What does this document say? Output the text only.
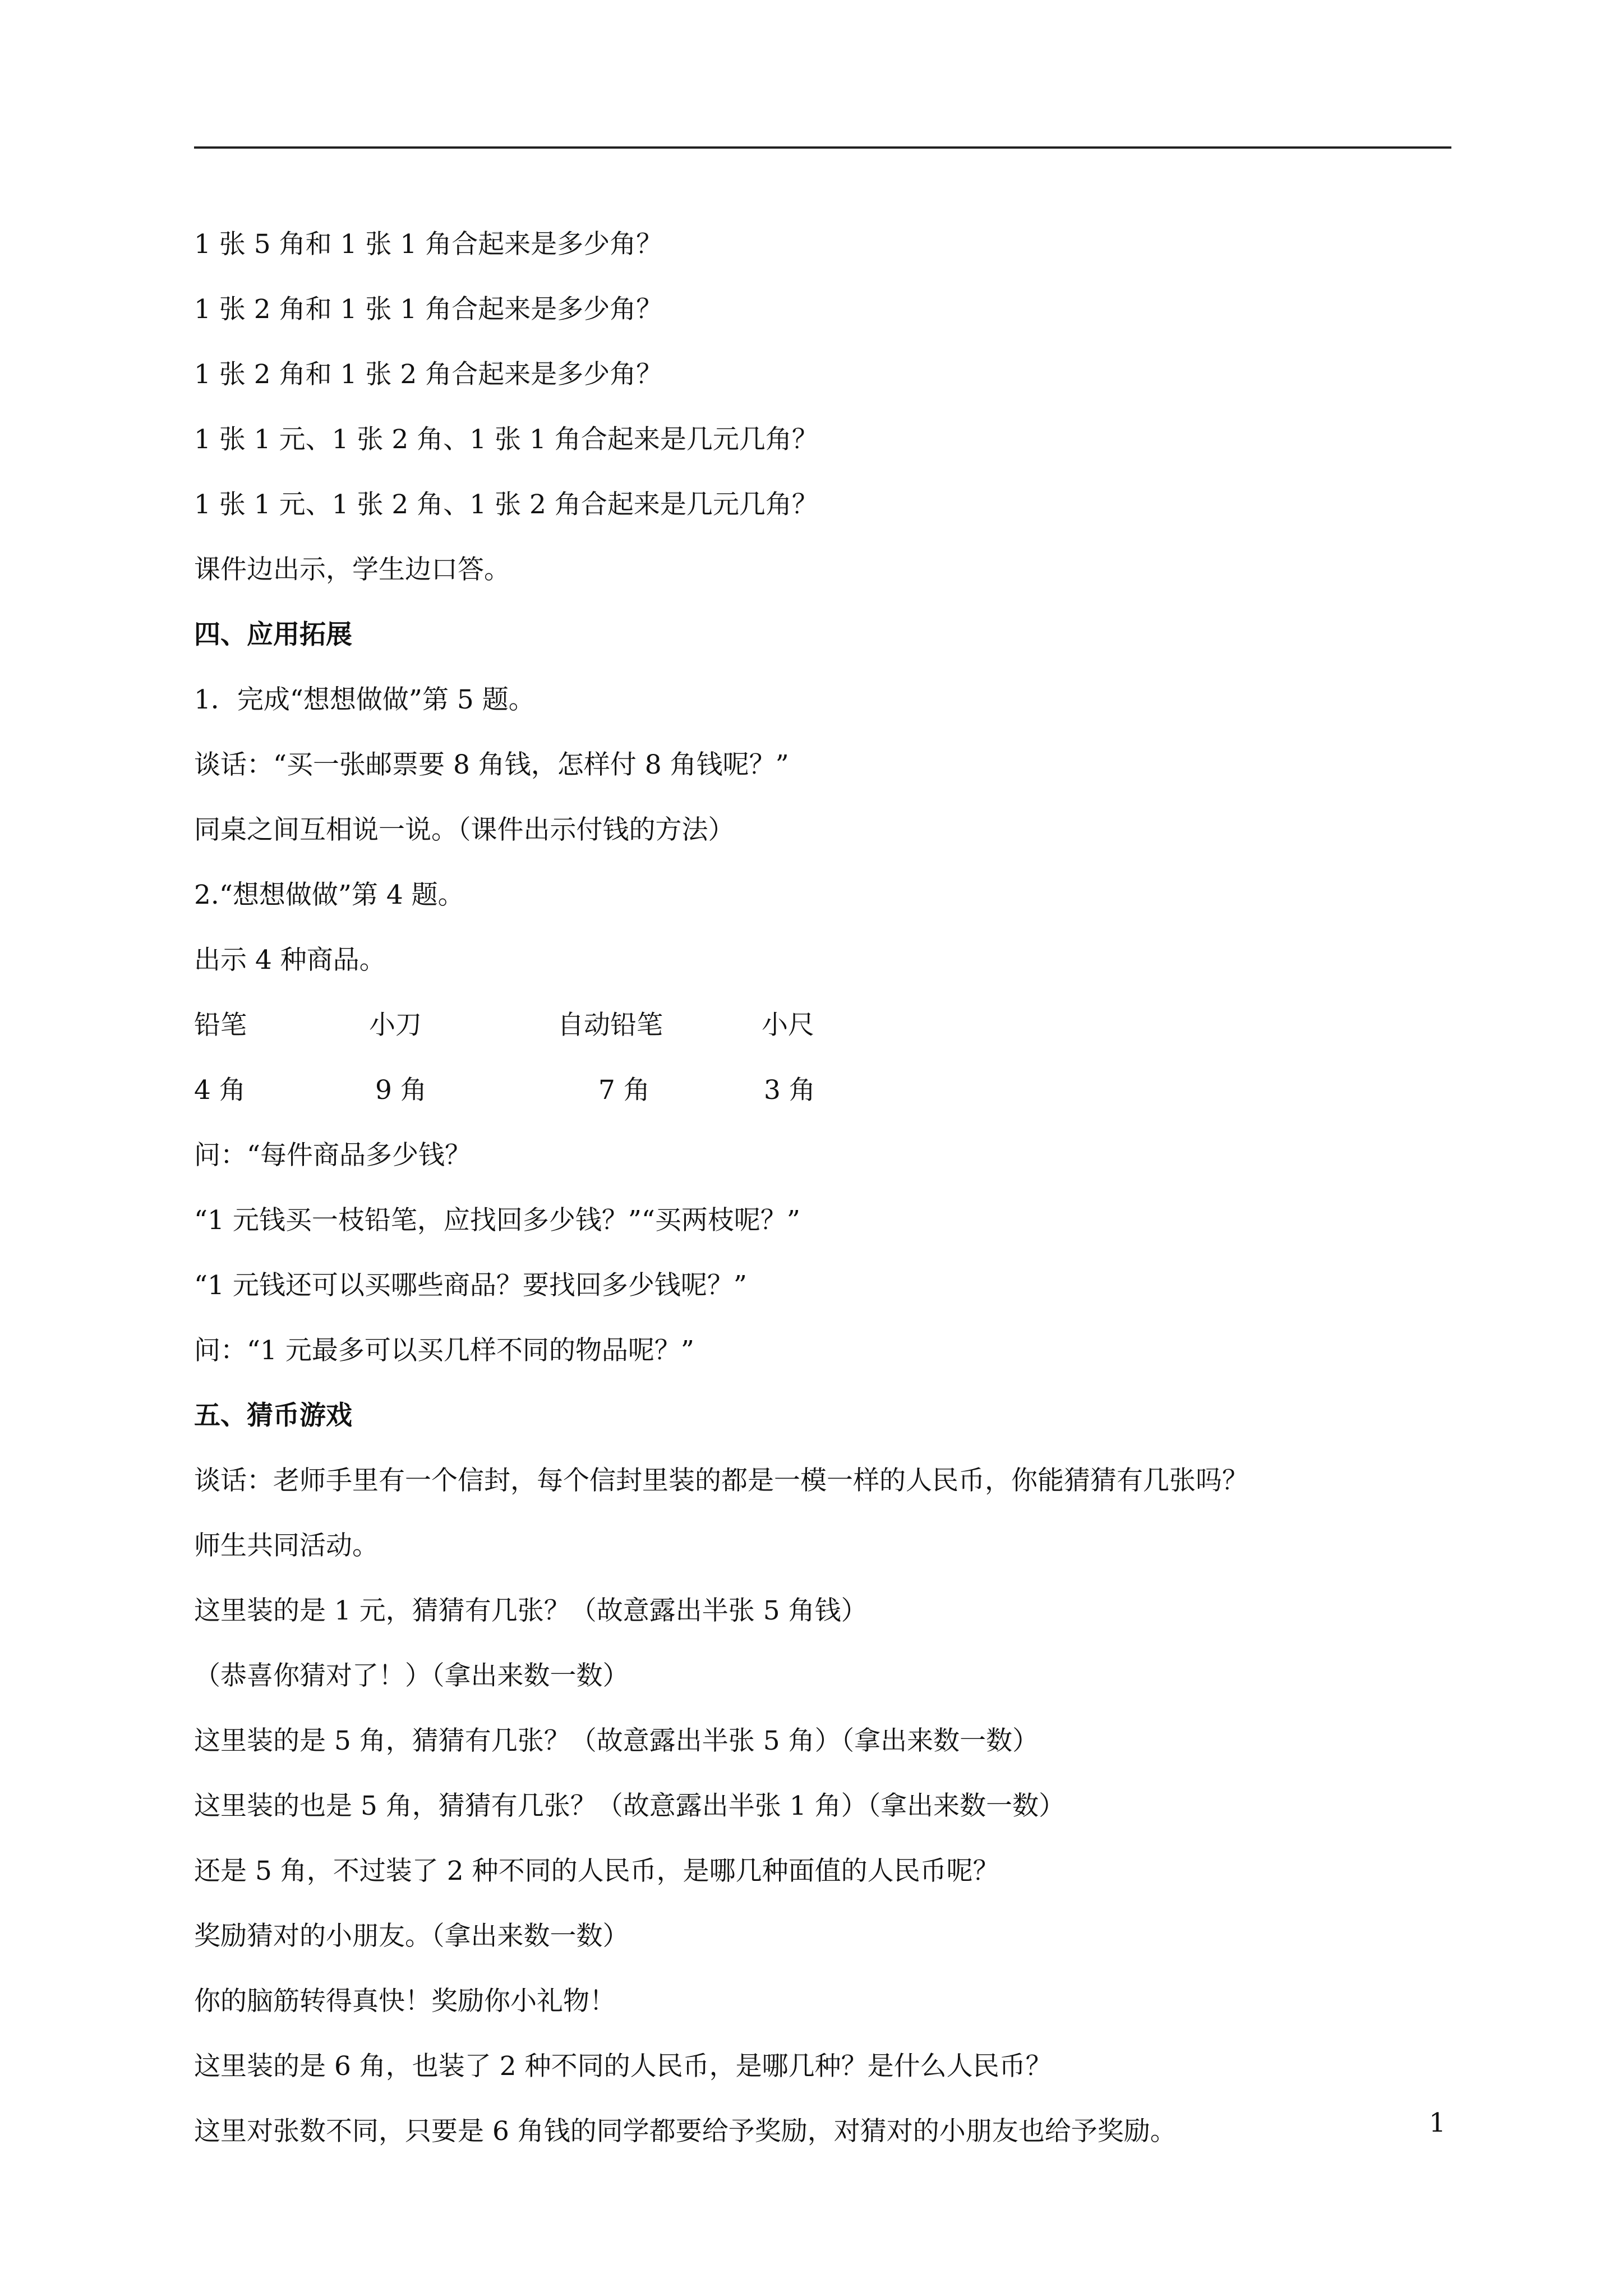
1 张 5 角和 1 张 1 角合起来是多少角？

1 张 2 角和 1 张 1 角合起来是多少角？

1 张 2 角和 1 张 2 角合起来是多少角？

1 张 1 元、1 张 2 角、1 张 1 角合起来是几元几角？

1 张 1 元、1 张 2 角、1 张 2 角合起来是几元几角？

课件边出示，学生边口答。

四、应用拓展

1．完成“想想做做”第 5 题。

谈话：“买一张邮票要 8 角钱，怎样付 8 角钱呢？”

同桌之间互相说一说。（课件出示付钱的方法）

2.“想想做做”第 4 题。

出示 4 种商品。

铅笔	小刀	自动铅笔	小尺
4 角	9 角	7 角	3 角

问：“每件商品多少钱？

“1 元钱买一枝铅笔，应找回多少钱？”“买两枝呢？”

“1 元钱还可以买哪些商品？要找回多少钱呢？”

问：“1 元最多可以买几样不同的物品呢？”

五、猜币游戏

谈话：老师手里有一个信封，每个信封里装的都是一模一样的人民币，你能猜猜有几张吗？

师生共同活动。

这里装的是 1 元，猜猜有几张？（故意露出半张 5 角钱）

（恭喜你猜对了！）（拿出来数一数）

这里装的是 5 角，猜猜有几张？（故意露出半张 5 角）（拿出来数一数）

这里装的也是 5 角，猜猜有几张？（故意露出半张 1 角）（拿出来数一数）

还是 5 角，不过装了 2 种不同的人民币，是哪几种面值的人民币呢？

奖励猜对的小朋友。（拿出来数一数）

你的脑筋转得真快！奖励你小礼物！

这里装的是 6 角，也装了 2 种不同的人民币，是哪几种？是什么人民币？

这里对张数不同，只要是 6 角钱的同学都要给予奖励，对猜对的小朋友也给予奖励。	1
